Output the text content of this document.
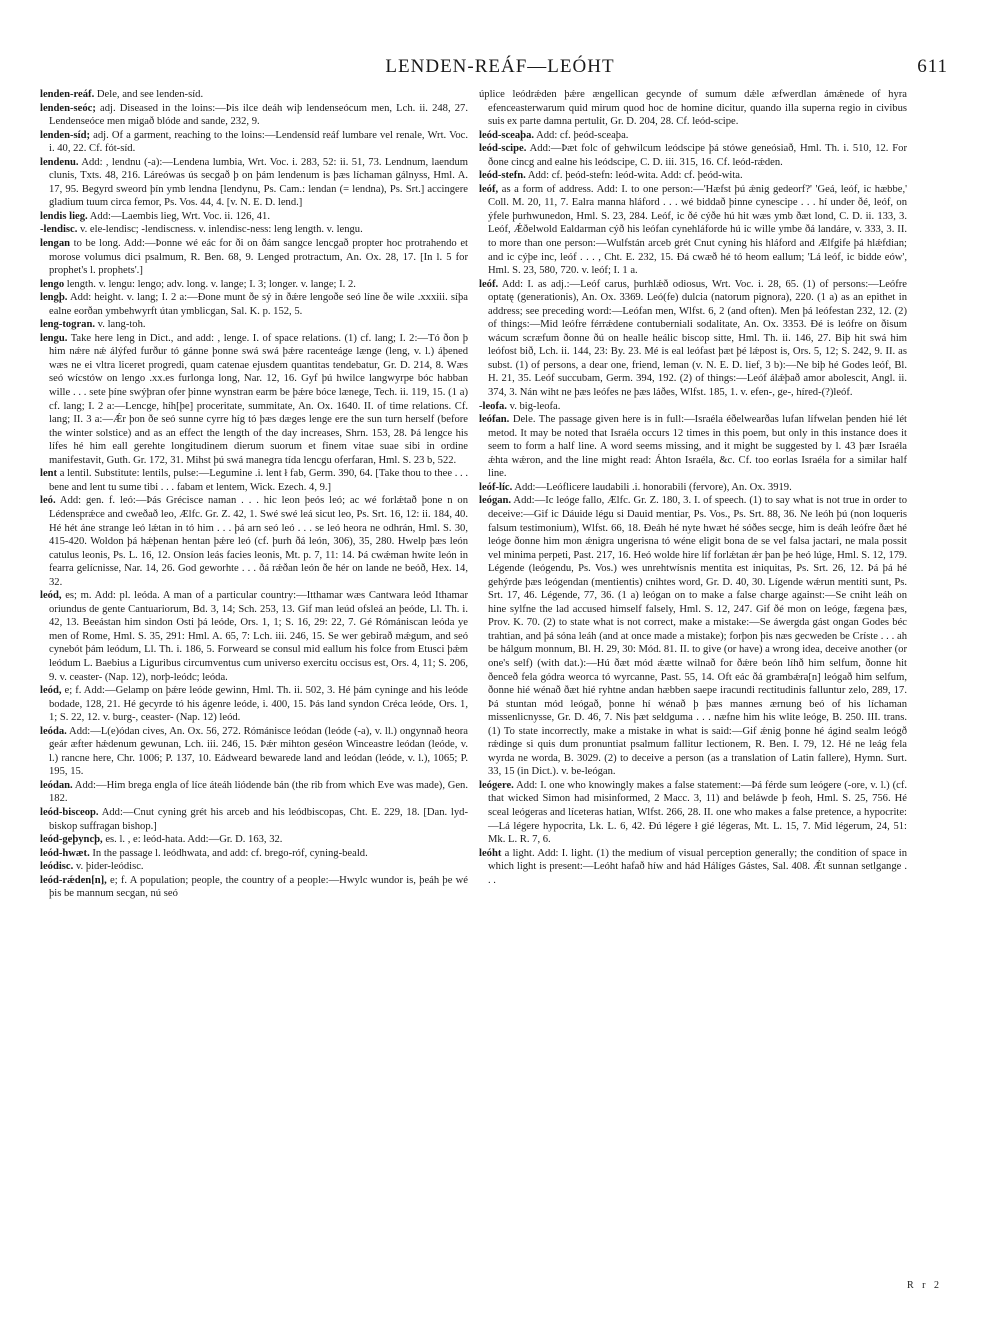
LENDEN-REÁF—LEÓHT	611

lenden-reáf. Dele, and see lenden-síd.

lenden-seóc; adj. Diseased in the loins:—Þis ilce deáh wiþ lendenseócum men, Lch. ii. 248, 27. Lendenseóce men migað blóde and sande, 232, 9.

lenden-síd; adj. Of a garment, reaching to the loins:—Lendensíd reáf lumbare vel renale, Wrt. Voc. i. 40, 22. Cf. fót-síd.

lendenu. Add: , lendnu (-a):—Lendena lumbia, Wrt. Voc. i. 283, 52: ii. 51, 73. Lendnum, laendum clunis, Txts. 48, 216. Láreówas ús secgað þ on þám lendenum is þæs líchaman gálnyss, Hml. A. 17, 95. Begyrd sweord þín ymb lendna [lendynu, Ps. Cam.: lendan (= lendna), Ps. Srt.] accingere gladium tuum circa femor, Ps. Vos. 44, 4. [v. N. E. D. lend.]

lendis lieg. Add:—Laembis lieg, Wrt. Voc. ii. 126, 41.

-lendisc. v. ele-lendisc; -lendiscness. v. inlendisc-ness: leng length. v. lengu.

lengan to be long. Add:—Þonne wé eác for ði on ðám sangce lencgað propter hoc protrahendo et morose volumus dici psalmum, R. Ben. 68, 9. Lenged protractum, An. Ox. 28, 17. [In l. 5 for prophet's l. prophets'.]

lengo length. v. lengu: lengo; adv. long. v. lange; I. 3; longer. v. lange; I. 2.

lengþ. Add: height. v. lang; I. 2 a:—Ðone munt ðe sý in ðǽre lengoðe seó líne ðe wile .xxxiii. síþa ealne eorðan ymbehwyrft útan ymblicgan, Sal. K. p. 152, 5.

leng-togran. v. lang-toh.

lengu. Take here leng in Dict., and add: , lenge. I. of space relations. (1) cf. lang; I. 2:—Tó ðon þ him nǽre nǽ álýfed furður tó gánne þonne swá swá þǽre racenteáge længe (leng, v. l.) áþened wæs ne ei vltra liceret progredi, quam catenae ejusdem quantitas tendebatur, Gr. D. 214, 8. Wæs seó wícstów on lengo .xx.es furlonga long, Nar. 12, 16. Gyf þú hwilce langwyrpe bóc habban wille . . . sete þíne swýþran ofer þinne wynstran earm be þǽre bóce lænege, Tech. ii. 119, 15. (1 a) cf. lang; I. 2 a:—Lencge, híh[þe] proceritate, summitate, An. Ox. 1640. II. of time relations. Cf. lang; II. 3 a:—Ǽr þon ðe seó sunne cyrre híg tó þæs dæges lenge ere the sun turn herself (before the winter solstice) and as an effect the length of the day increases, Shrn. 153, 28. Þá lengce his lífes hé him eall gerehte longitudinem dierum suorum et finem vitae suae sibi in ordine manifestavit, Guth. Gr. 172, 31. Mihst þú swá manegra tída lencgu oferfaran, Hml. S. 23 b, 522.

lent a lentil. Substitute: lentils, pulse:—Legumine .i. lent ł fab, Germ. 390, 64. [Take thou to thee . . . bene and lent tu sume tibi . . . fabam et lentem, Wick. Ezech. 4, 9.]

leó. Add: gen. f. leó:—Þás Grécisce naman . . . hic leon þeós leó; ac wé forlǽtað þone n on Lédensprǽce and cweðað leo, Ælfc. Gr. Z. 42, 1. Swé swé leá sicut leo, Ps. Srt. 16, 12: ii. 184, 40. Hé hét áne strange leó lǽtan in tó him . . . þá arn seó leó . . . se leó heora ne odhrán, Hml. S. 30, 415-420. Woldon þá hǽþenan hentan þǽre leó (cf. þurh ðá león, 306), 35, 280. Hwelp þæs león catulus leonis, Ps. L. 16, 12. Onsíon leás facies leonis, Mt. p. 7, 11: 14. Þá cwǽman hwíte león in fearra gelícnisse, Nar. 14, 26. God geworhte . . . ðá rǽðan león ðe hér on lande ne beóð, Hex. 14, 32.

leód, es; m. Add: pl. leóda. A man of a particular country:—Itthamar wæs Cantwara leód Ithamar oriundus de gente Cantuariorum, Bd. 3, 14; Sch. 253, 13. Gif man leúd ofsleá an þeóde, Ll. Th. i. 42, 13. Beeástan him sindon Osti þá leóde, Ors. 1, 1; S. 16, 29: 22, 7. Gé Rómániscan leóda ye men of Rome, Hml. S. 35, 291: Hml. A. 65, 7: Lch. iii. 246, 15. Se wer gebirað mǽgum, and seó cynebót þám leódum, Ll. Th. i. 186, 5. Forweard se consul mid eallum his folce from Etusci þǽm leódum L. Baebius a Liguribus circumventus cum universo exercitu occisus est, Ors. 4, 11; S. 206, 9. v. ceaster- (Nap. 12), norþ-leódc; leóda.

leód, e; f. Add:—Gelamp on þǽre leóde gewinn, Hml. Th. ii. 502, 3. Hé þám cyninge and his leóde bodade, 128, 21. Hé gecyrde tó his ágenre leóde, i. 400, 15. Þás land syndon Créca leóde, Ors. 1, 1; S. 22, 12. v. burg-, ceaster- (Nap. 12) leód.

leóda. Add:—L(e)ódan cives, An. Ox. 56, 272. Rómánisce leódan (leóde (-a), v. ll.) ongynnað heora geár æfter hǽdenum gewunan, Lch. iii. 246, 15. Þǽr mihton geséon Winceastre leódan (leóde, v. l.) rancne here, Chr. 1006; P. 137, 10. Eádweard bewarede land and leódan (leóde, v. l.), 1065; P. 195, 15.

leódan. Add:—Him brega engla of líce áteáh liódende bán (the rib from which Eve was made), Gen. 182.

leód-bisceop. Add:—Cnut cyning grét his arceb and his leódbiscopas, Cht. E. 229, 18. [Dan. lyd-biskop suffragan bishop.]

leód-geþyncþ, es. l. , e: leód-hata. Add:—Gr. D. 163, 32.

leód-hwæt. In the passage l. leódhwata, and add: cf. brego-róf, cyning-beald.

leódisc. v. þider-leódisc.

leód-rǽden[n], e; f. A population; people, the country of a people:—Hwylc wundor is, þeáh þe wé þis be mannum secgan, nú seó

úplice leódrǽden þǽre ængellican gecynde of sumum dǽle æfwerdlan ámǽnede of hyra efenceasterwarum quid mirum quod hoc de homine dicitur, quando illa superna regio in civibus suis ex parte damna pertulit, Gr. D. 204, 28. Cf. leód-scipe.

leód-sceaþa. Add: cf. þeód-sceaþa.

leód-scipe. Add:—Þæt folc of gehwilcum leódscipe þá stówe geneósiað, Hml. Th. i. 510, 12. For ðone cincg and ealne his leódscipe, C. D. iii. 315, 16. Cf. leód-rǽden.

leód-stefn. Add: cf. þeód-stefn: leód-wita. Add: cf. þeód-wita.

leóf, as a form of address. Add: I. to one person:—'Hæfst þú ǽnig gedeorf?' 'Geá, leóf, ic hæbbe,' Coll. M. 20, 11, 7. Ealra manna hláford . . . wé biddað þinne cynescipe . . . hí under ðé, leóf, on ýfele þurhwunedon, Hml. S. 23, 284. Leóf, ic ðé cýðe hú hit wæs ymb ðæt lond, C. D. ii. 133, 3. Leóf, Ǽðelwold Ealdarman cýð his leófan cynehláforde hú ic wille ymbe ðá landáre, v. 333, 3. II. to more than one person:—Wulfstán arceb grét Cnut cyning his hláford and Ælfgife þá hlǽfdian; and ic cýþe inc, leóf . . . , Cht. E. 232, 15. Ðá cwæð hé tó heom eallum; 'Lá leóf, ic bidde eów', Hml. S. 23, 580, 720. v. leóf; I. 1 a.

leóf. Add: I. as adj.:—Leóf carus, þurhlǽð odiosus, Wrt. Voc. i. 28, 65. (1) of persons:—Leófre optatę (generationis), An. Ox. 3369. Leó(fe) dulcia (natorum pignora), 220. (1 a) as an epithet in address; see preceding word:—Leófan men, Wlfst. 6, 2 (and often). Men þá leófestan 232, 12. (2) of things:—Mid leófre férrǽdene contuberniali sodalitate, An. Ox. 3353. Ðé is leófre on ðisum wácum scræfum ðonne ðú on healle heálic biscop sitte, Hml. Th. ii. 146, 27. Biþ hit swá him leófost bið, Lch. ii. 144, 23: By. 23. Mé is eal leófast þæt þé lǽpost is, Ors. 5, 12; S. 242, 9. II. as subst. (1) of persons, a dear one, friend, leman (v. N. E. D. lief, 3 b):—Ne biþ hé Godes leóf, Bl. H. 21, 35. Leóf succubam, Germ. 394, 192. (2) of things:—Leóf álǽþað amor abolescit, Angl. ii. 374, 3. Nán wiht ne þæs leófes ne þæs láðes, Wlfst. 185, 1. v. efen-, ge-, híred-(?)leóf.

-leofa. v. big-leofa.

leófan. Dele. The passage given here is in full:—Israéla éðelwearðas lufan lífwelan þenden hié lét metod. It may be noted that Israéla occurs 12 times in this poem, but only in this instance does it seem to form a half line. A word seems missing, and it might be suggested by l. 43 þær Israéla ǽhta wǽron, and the line might read: Áhton Israéla, &c. Cf. too eorlas Israéla for a similar half line.

leóf-líc. Add:—Leóflicere laudabili .i. honorabili (fervore), An. Ox. 3919.

leógan. Add:—Ic leóge fallo, Ælfc. Gr. Z. 180, 3. I. of speech. (1) to say what is not true in order to deceive:—Gif ic Dáuide légu si Dauid mentiar, Ps. Vos., Ps. Srt. 88, 36. Ne leóh þú (non loqueris falsum testimonium), Wlfst. 66, 18. Ðeáh hé nyte hwæt hé sóðes secge, him is deáh leófre ðæt hé leóge ðonne him mon ǽnigra ungerisna tó wéne eligit bona de se vel falsa jactari, ne mala possit vel minima perpeti, Past. 217, 16. Heó wolde hire líf forlǽtan ǽr þan þe heó lúge, Hml. S. 12, 179. Légende (leógendu, Ps. Vos.) wes unrehtwísnis mentita est iniquitas, Ps. Srt. 26, 12. Þá þá hé gehýrde þæs leógendan (mentientis) cnihtes word, Gr. D. 40, 30. Lígende wǽrun mentiti sunt, Ps. Srt. 17, 46. Légende, 77, 36. (1 a) leógan on to make a false charge against:—Se cniht leáh on hine sylfne the lad accused himself falsely, Hml. S. 12, 247. Gif ðé mon on leóge, fægena þæs, Prov. K. 70. (2) to state what is not correct, make a mistake:—Se áwergda gást ongan Godes béc trahtian, and þá sóna leáh (and at once made a mistake); forþon þis næs gecweden be Críste . . . ah be hálgum monnum, Bl. H. 29, 30: Mód. 81. II. to give (or have) a wrong idea, deceive another (or one's self) (with dat.):—Hú ðæt mód ǽætte wilnað for ðǽre beón líhð him selfum, ðonne hit ðenceð fela gódra weorca tó wyrcanne, Past. 55, 14. Oft eác ðá grambǽra[n] leógað him selfum, ðonne hié wénað ðæt hié ryhtne andan hæbben saepe iracundi rectitudinis falluntur zelo, 289, 17. Þá stuntan mód leógað, þonne hí wénað þ þæs mannes ærnung beó of his líchaman missenlicnysse, Gr. D. 46, 7. Nis þæt seldguma . . . næfne him his wlite leóge, B. 250. III. trans. (1) To state incorrectly, make a mistake in what is said:—Gif ǽnig þonne hé ágind sealm leógð rǽdinge si quis dum pronuntiat psalmum fallitur lectionem, R. Ben. I. 79, 12. Hé ne leág fela wyrda ne worda, B. 3029. (2) to deceive a person (as a translation of Latin fallere), Hymn. Surt. 33, 15 (in Dict.). v. be-leógan.

leógere. Add: I. one who knowingly makes a false statement:—Þá férde sum leógere (-ore, v. l.) (cf. that wicked Simon had misinformed, 2 Macc. 3, 11) and beláwde þ feoh, Hml. S. 25, 756. Hé sceal leógeras and líceteras hatian, Wlfst. 266, 28. II. one who makes a false pretence, a hypocrite:—Lá légere hypocrita, Lk. L. 6, 42. Ðú légere ł gié légeras, Mt. L. 15, 7. Mid légerum, 24, 51: Mk. L. R. 7, 6.

leóht a light. Add: I. light. (1) the medium of visual perception generally; the condition of space in which light is present:—Leóht hafað híw and hád Hálíges Gástes, Sal. 408. Ǽt sunnan setlgange . . .

R r 2
